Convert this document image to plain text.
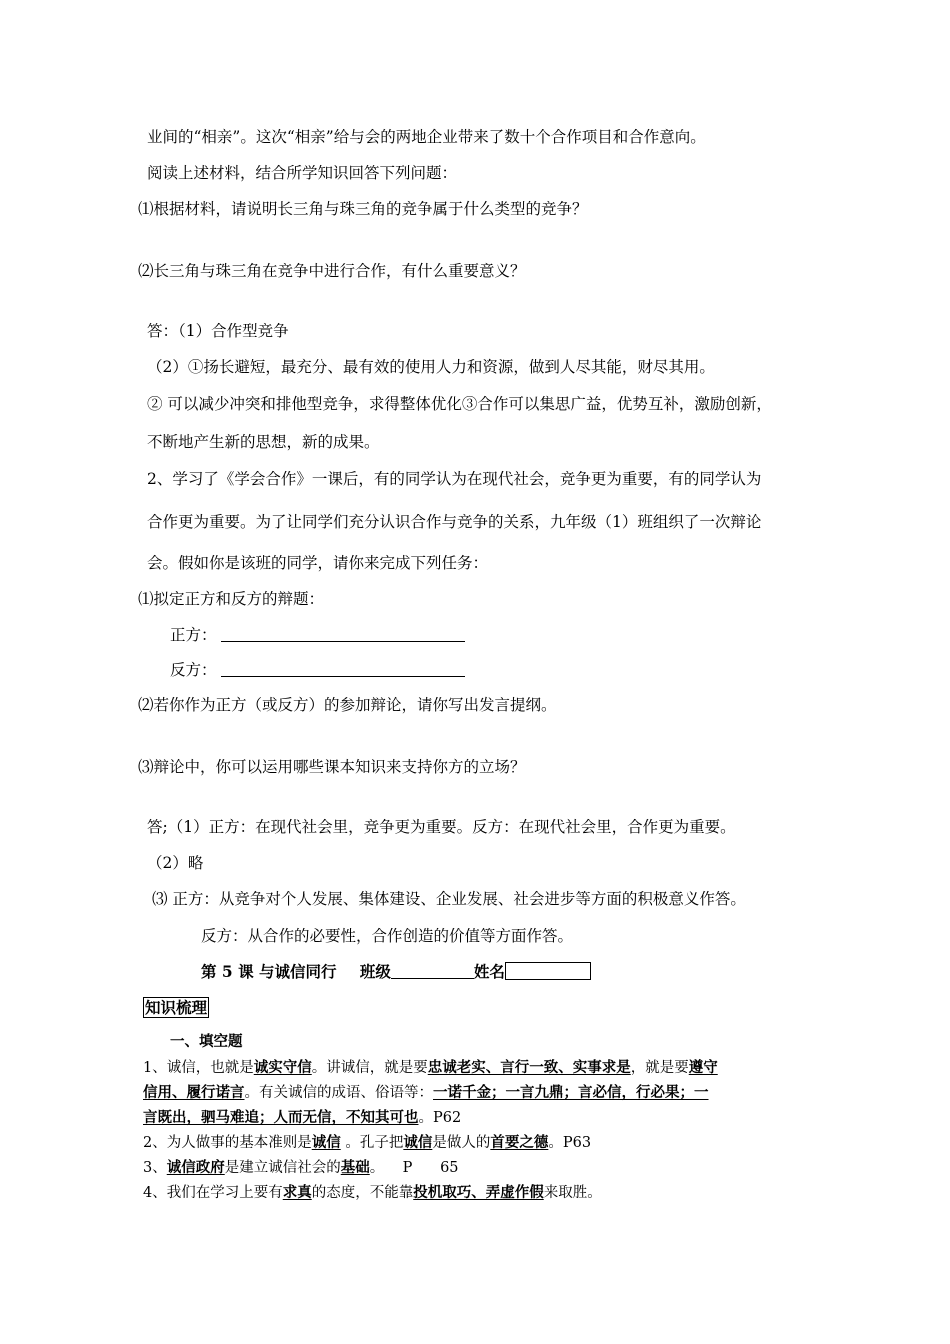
业间的“相亲”。这次“相亲”给与会的两地企业带来了数十个合作项目和合作意向。
阅读上述材料，结合所学知识回答下列问题：
⑴根据材料，请说明长三角与珠三角的竞争属于什么类型的竞争？
⑵长三角与珠三角在竞争中进行合作，有什么重要意义？
答：（1）合作型竞争
（2）①扬长避短，最充分、最有效的使用人力和资源，做到人尽其能，财尽其用。
② 可以减少冲突和排他型竞争，求得整体优化③合作可以集思广益，优势互补，激励创新，
不断地产生新的思想，新的成果。
2、学习了《学会合作》一课后，有的同学认为在现代社会，竞争更为重要，有的同学认为
合作更为重要。为了让同学们充分认识合作与竞争的关系，九年级（1）班组织了一次辩论
会。假如你是该班的同学，请你来完成下列任务：
⑴拟定正方和反方的辩题：
正方：
反方：
⑵若你作为正方（或反方）的参加辩论，请你写出发言提纲。
⑶辩论中，你可以运用哪些课本知识来支持你方的立场？
答;（1）正方：在现代社会里，竞争更为重要。反方：在现代社会里，合作更为重要。
（2）略
⑶ 正方：从竞争对个人发展、集体建设、企业发展、社会进步等方面的积极意义作答。
反方：从合作的必要性，合作创造的价值等方面作答。
第 5 课 与诚信同行 班级	姓名
知识梳理
一、填空题
1、诚信，也就是诚实守信。讲诚信，就是要忠诚老实、言行一致、实事求是，就是要遵守
信用、履行诺言。有关诚信的成语、俗语等：一诺千金；一言九鼎；言必信，行必果；一
言既出，驷马难追；人而无信，不知其可也。P62
2、为人做事的基本准则是诚信 。孔子把诚信是做人的首要之德。P63
3、诚信政府是建立诚信社会的基础。    P      65
4、我们在学习上要有求真的态度，不能靠投机取巧、弄虚作假来取胜。
